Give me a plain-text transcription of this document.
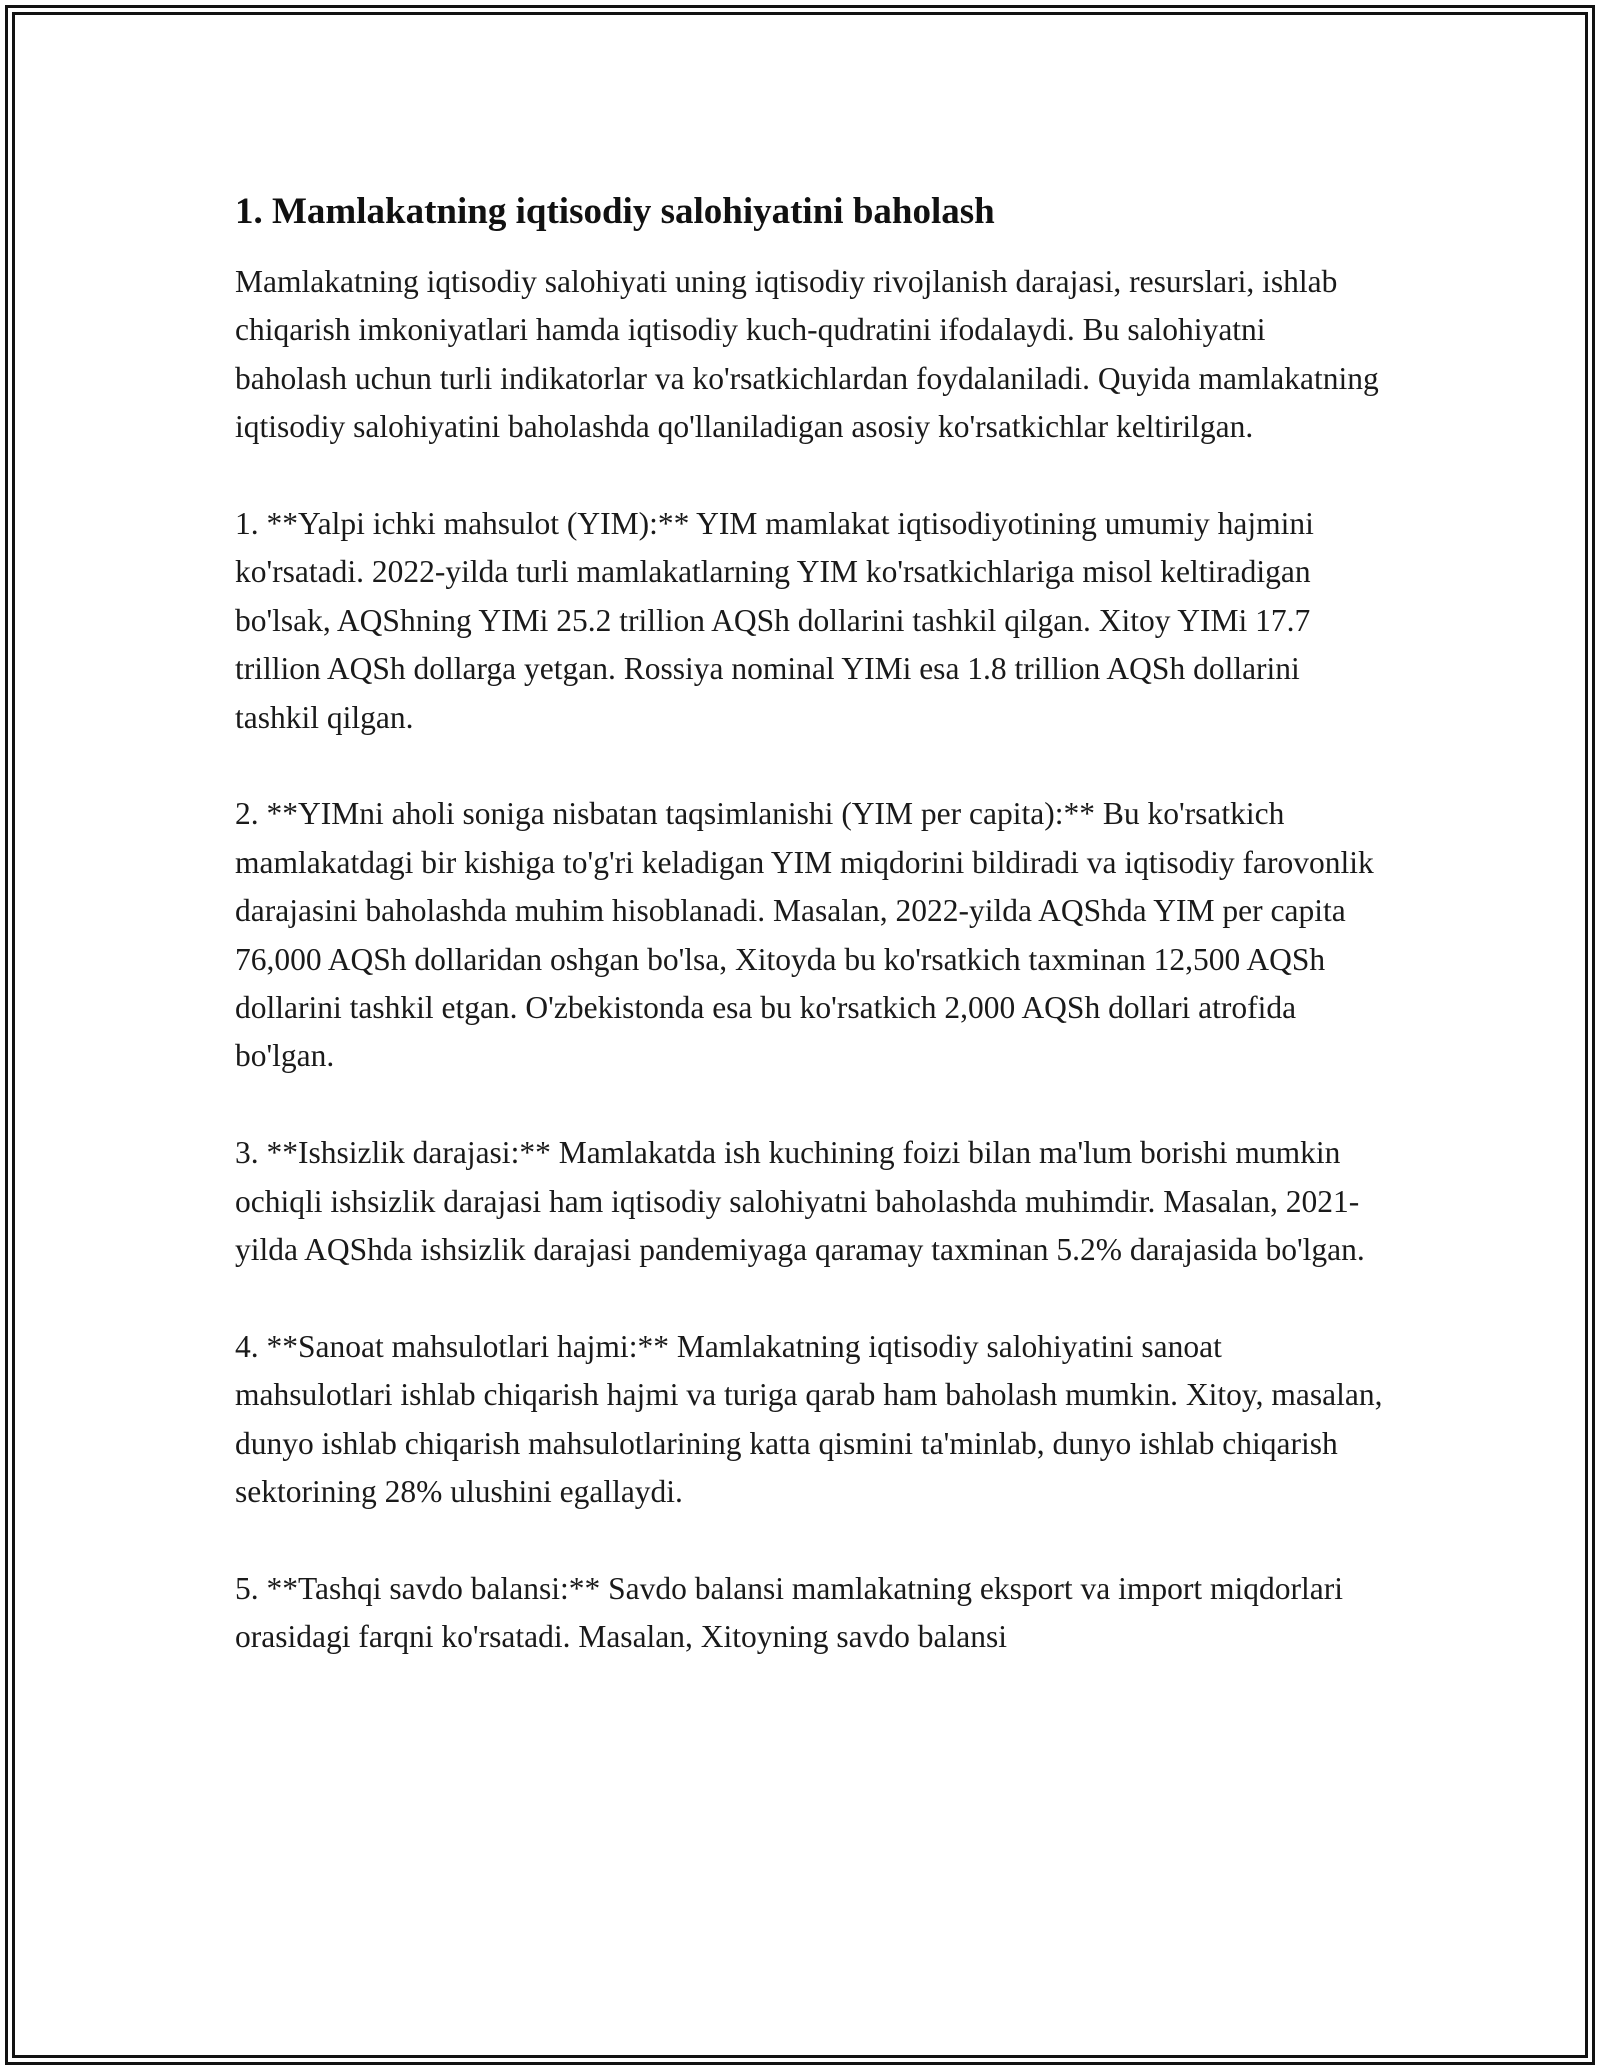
1. Mamlakatning iqtisodiy salohiyatini baholash

Mamlakatning iqtisodiy salohiyati uning iqtisodiy rivojlanish darajasi, resurslari, ishlab chiqarish imkoniyatlari hamda iqtisodiy kuch-qudratini ifodalaydi. Bu salohiyatni baholash uchun turli indikatorlar va ko'rsatkichlardan foydalaniladi. Quyida mamlakatning iqtisodiy salohiyatini baholashda qo'llaniladigan asosiy ko'rsatkichlar keltirilgan.

1. **Yalpi ichki mahsulot (YIM):** YIM mamlakat iqtisodiyotining umumiy hajmini ko'rsatadi. 2022-yilda turli mamlakatlarning YIM ko'rsatkichlariga misol keltiradigan bo'lsak, AQShning YIMi 25.2 trillion AQSh dollarini tashkil qilgan. Xitoy YIMi 17.7 trillion AQSh dollarga yetgan. Rossiya nominal YIMi esa 1.8 trillion AQSh dollarini tashkil qilgan.

2. **YIMni aholi soniga nisbatan taqsimlanishi (YIM per capita):** Bu ko'rsatkich mamlakatdagi bir kishiga to'g'ri keladigan YIM miqdorini bildiradi va iqtisodiy farovonlik darajasini baholashda muhim hisoblanadi. Masalan, 2022-yilda AQShda YIM per capita 76,000 AQSh dollaridan oshgan bo'lsa, Xitoyda bu ko'rsatkich taxminan 12,500 AQSh dollarini tashkil etgan. O'zbekistonda esa bu ko'rsatkich 2,000 AQSh dollari atrofida bo'lgan.

3. **Ishsizlik darajasi:** Mamlakatda ish kuchining foizi bilan ma'lum borishi mumkin ochiqli ishsizlik darajasi ham iqtisodiy salohiyatni baholashda muhimdir. Masalan, 2021-yilda AQShda ishsizlik darajasi pandemiyaga qaramay taxminan 5.2% darajasida bo'lgan.

4. **Sanoat mahsulotlari hajmi:** Mamlakatning iqtisodiy salohiyatini sanoat mahsulotlari ishlab chiqarish hajmi va turiga qarab ham baholash mumkin. Xitoy, masalan, dunyo ishlab chiqarish mahsulotlarining katta qismini ta'minlab, dunyo ishlab chiqarish sektorining 28% ulushini egallaydi.

5. **Tashqi savdo balansi:** Savdo balansi mamlakatning eksport va import miqdorlari orasidagi farqni ko'rsatadi. Masalan, Xitoyning savdo balansi
